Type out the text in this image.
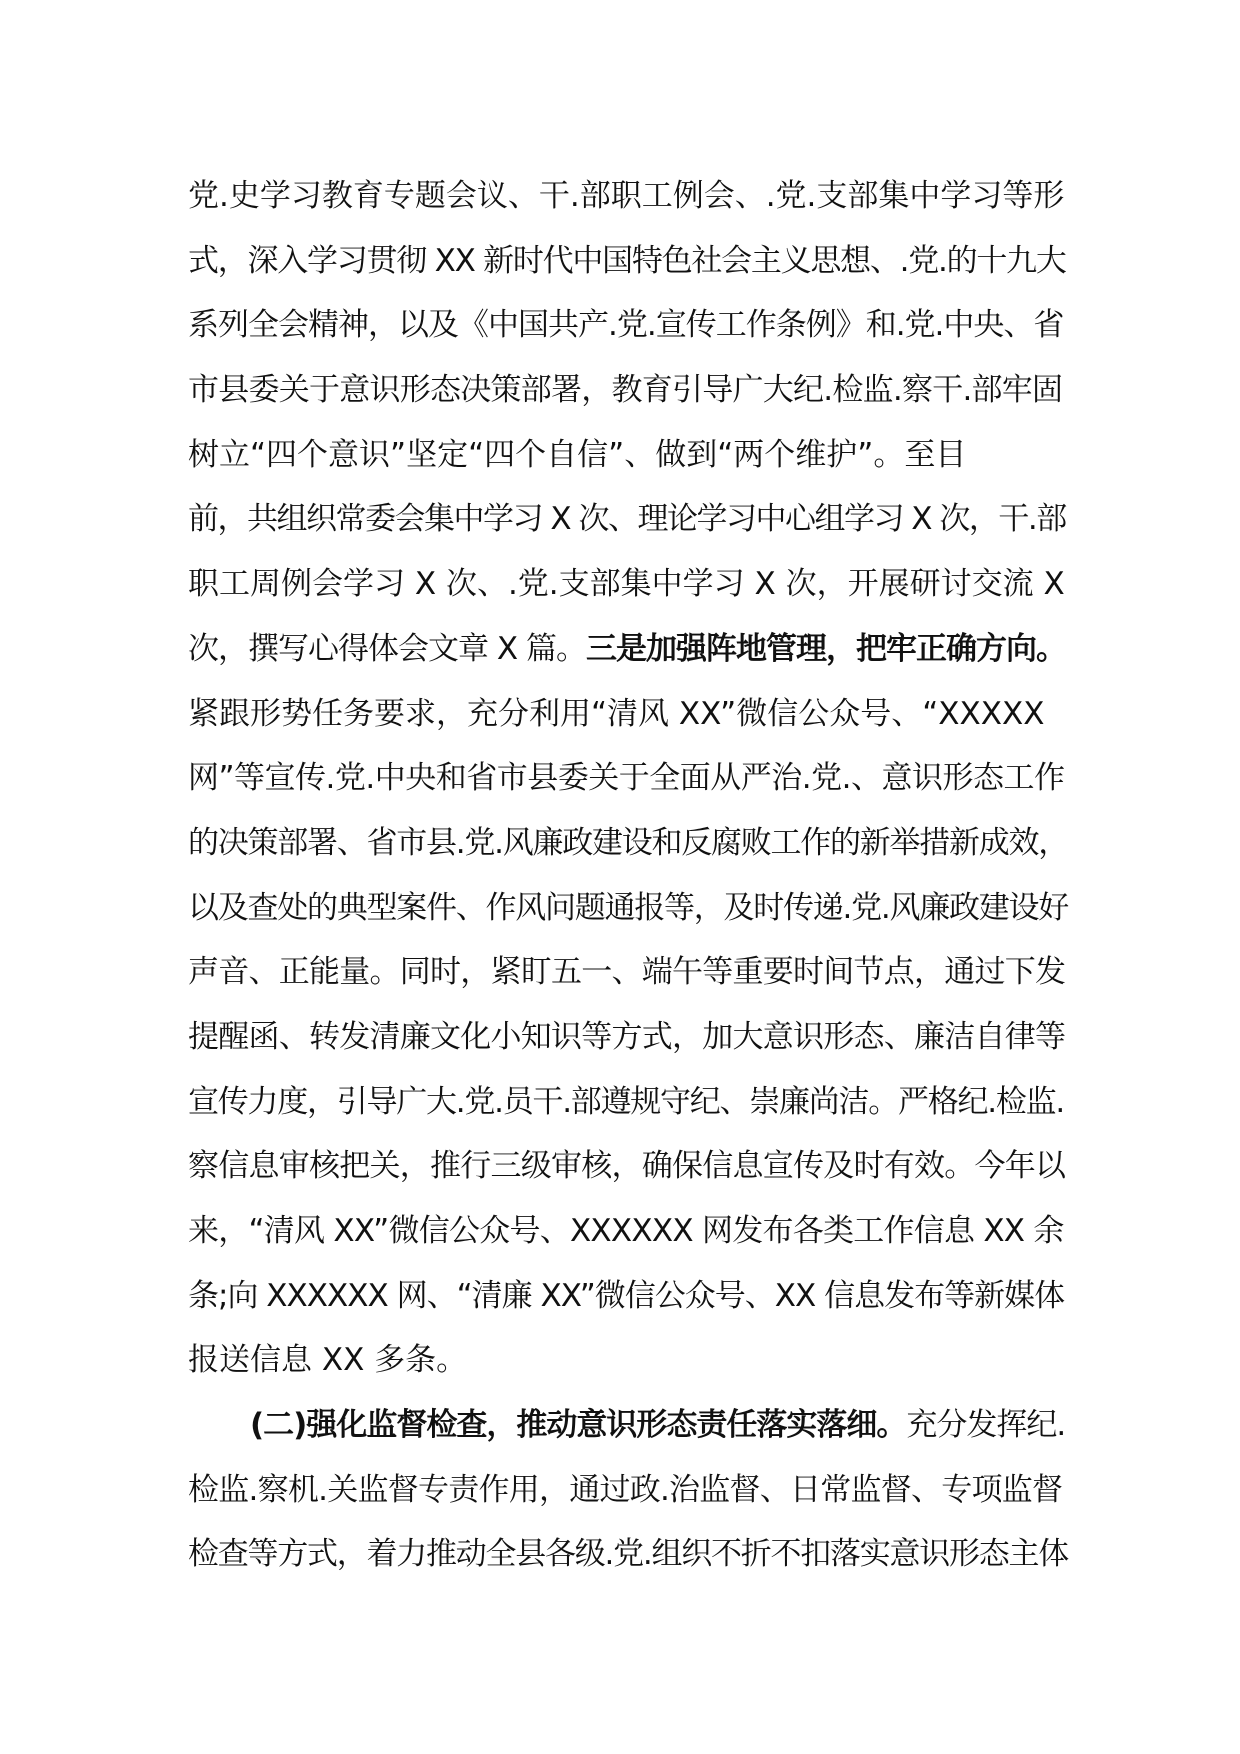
党.史学习教育专题会议、干.部职工例会、.党.支部集中学习等形
式，深入学习贯彻 XX 新时代中国特色社会主义思想、.党.的十九大
系列全会精神，以及《中国共产.党.宣传工作条例》和.党.中央、省
市县委关于意识形态决策部署，教育引导广大纪.检监.察干.部牢固
树立“四个意识”坚定“四个自信”、做到“两个维护”。至目
前，共组织常委会集中学习 X 次、理论学习中心组学习 X 次，干.部
职工周例会学习 X 次、.党.支部集中学习 X 次，开展研讨交流 X
次，撰写心得体会文章 X 篇。三是加强阵地管理，把牢正确方向。
紧跟形势任务要求，充分利用“清风 XX”微信公众号、“XXXXX
网”等宣传.党.中央和省市县委关于全面从严治.党.、意识形态工作
的决策部署、省市县.党.风廉政建设和反腐败工作的新举措新成效，
以及查处的典型案件、作风问题通报等，及时传递.党.风廉政建设好
声音、正能量。同时，紧盯五一、端午等重要时间节点，通过下发
提醒函、转发清廉文化小知识等方式，加大意识形态、廉洁自律等
宣传力度，引导广大.党.员干.部遵规守纪、崇廉尚洁。严格纪.检监.
察信息审核把关，推行三级审核，确保信息宣传及时有效。今年以
来，“清风 XX”微信公众号、XXXXXX 网发布各类工作信息 XX 余
条;向 XXXXXX 网、“清廉 XX”微信公众号、XX 信息发布等新媒体
报送信息 XX 多条。
(二)强化监督检查，推动意识形态责任落实落细。充分发挥纪.
检监.察机.关监督专责作用，通过政.治监督、日常监督、专项监督
检查等方式，着力推动全县各级.党.组织不折不扣落实意识形态主体
